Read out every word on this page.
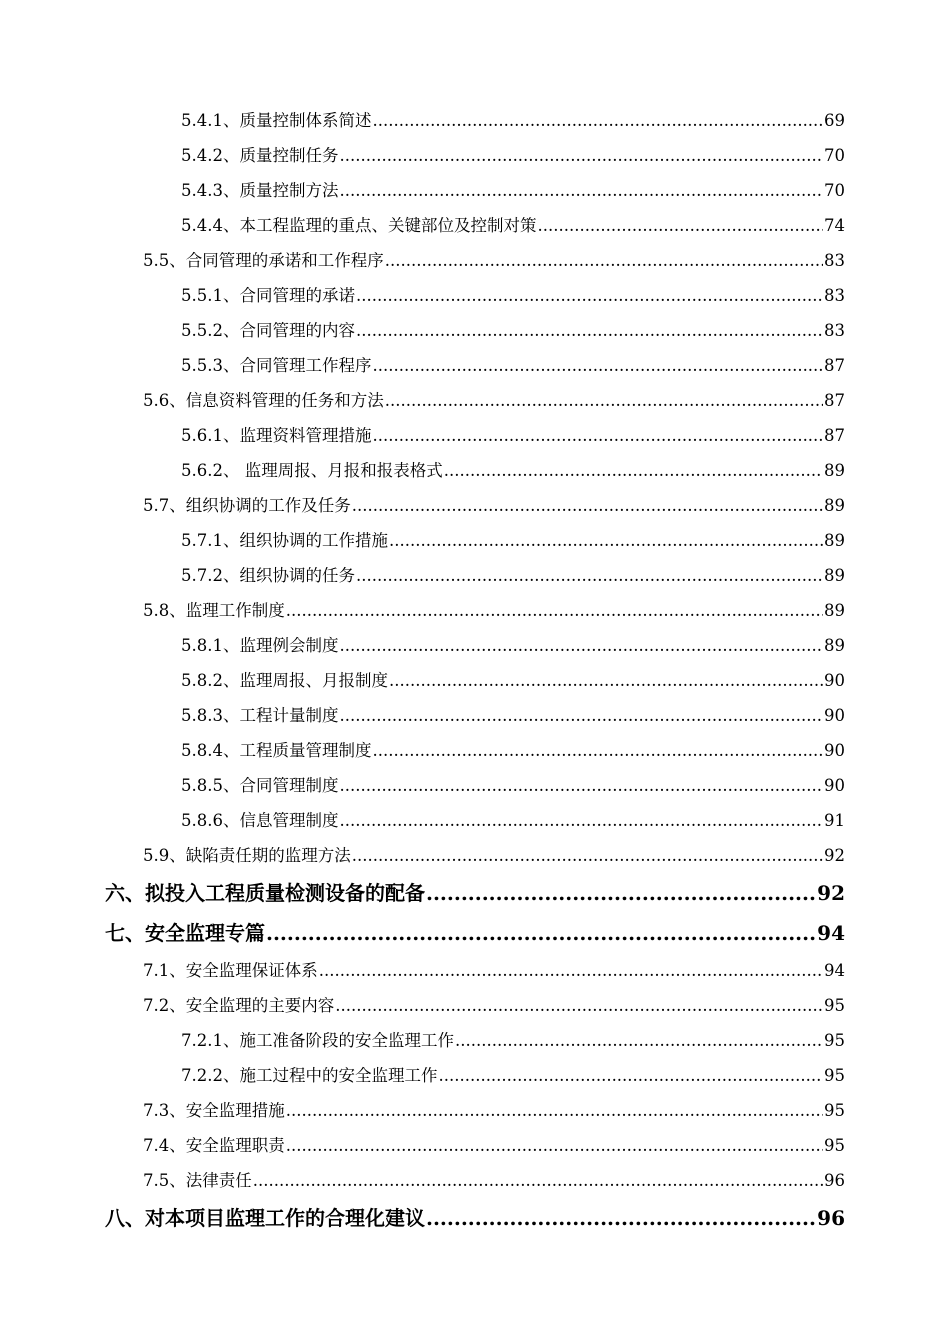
5.4.1、质量控制体系简述 .....	69
5.4.2、质量控制任务 .....	70
5.4.3、质量控制方法 .....	70
5.4.4、本工程监理的重点、关键部位及控制对策 .....	74
5.5、合同管理的承诺和工作程序 .....	83
5.5.1、合同管理的承诺 .....	83
5.5.2、合同管理的内容 .....	83
5.5.3、合同管理工作程序 .....	87
5.6、信息资料管理的任务和方法 .....	87
5.6.1、监理资料管理措施 .....	87
5.6.2、 监理周报、月报和报表格式 .....	89
5.7、组织协调的工作及任务 .....	89
5.7.1、组织协调的工作措施 .....	89
5.7.2、组织协调的任务 .....	89
5.8、监理工作制度 .....	89
5.8.1、监理例会制度 .....	89
5.8.2、监理周报、月报制度 .....	90
5.8.3、工程计量制度 .....	90
5.8.4、工程质量管理制度 .....	90
5.8.5、合同管理制度 .....	90
5.8.6、信息管理制度 .....	91
5.9、缺陷责任期的监理方法 .....	92
六、拟投入工程质量检测设备的配备 .....	92
七、安全监理专篇 .....	94
7.1、安全监理保证体系 .....	94
7.2、安全监理的主要内容 .....	95
7.2.1、施工准备阶段的安全监理工作 .....	95
7.2.2、施工过程中的安全监理工作 .....	95
7.3、安全监理措施 .....	95
7.4、安全监理职责 .....	95
7.5、法律责任 .....	96
八、对本项目监理工作的合理化建议 .....	96
